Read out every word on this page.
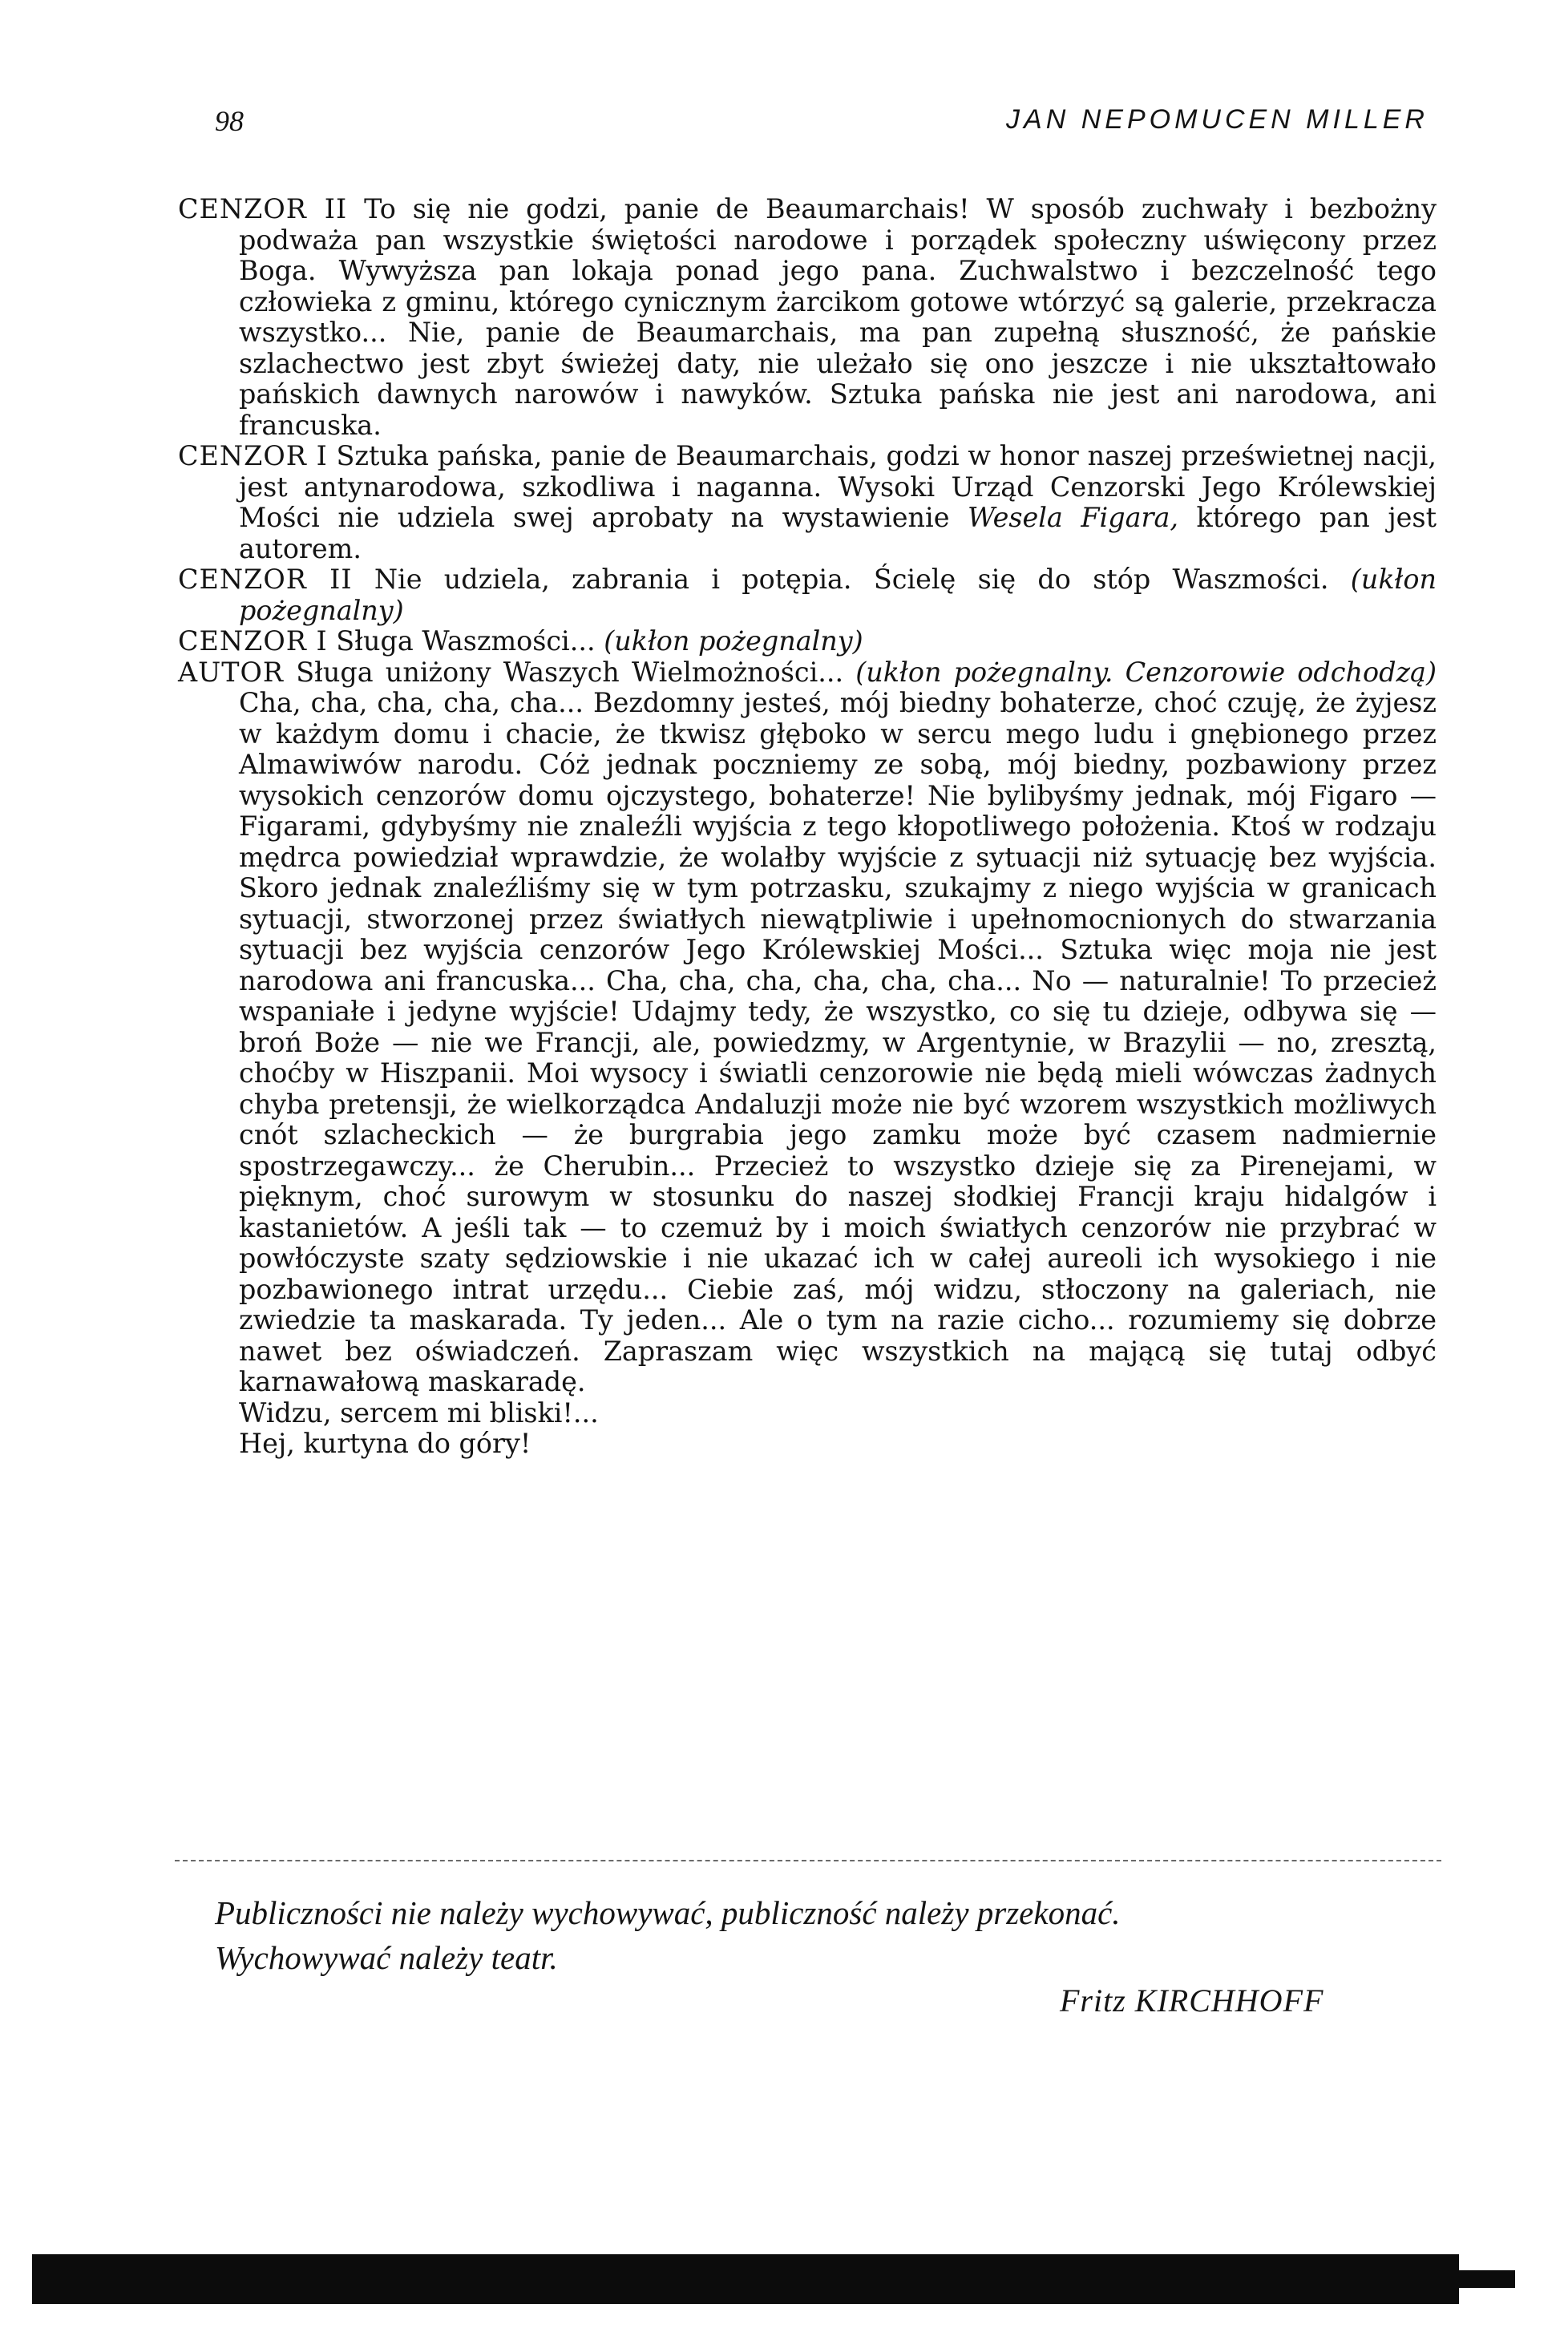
98	JAN NEPOMUCEN MILLER

CENZOR II To się nie godzi, panie de Beaumarchais! W sposób zuchwały i bezbożny podważa pan wszystkie świętości narodowe i porządek społeczny uświęcony przez Boga. Wywyższa pan lokaja ponad jego pana. Zuchwalstwo i bezczelność tego człowieka z gminu, którego cynicznym żarcikom gotowe wtórzyć są galerie, przekracza wszystko... Nie, panie de Beaumarchais, ma pan zupełną słuszność, że pańskie szlachectwo jest zbyt świeżej daty, nie uleżało się ono jeszcze i nie ukształtowało pańskich dawnych narowów i nawyków. Sztuka pańska nie jest ani narodowa, ani francuska.

CENZOR I Sztuka pańska, panie de Beaumarchais, godzi w honor naszej prześwietnej nacji, jest antynarodowa, szkodliwa i naganna. Wysoki Urząd Cenzorski Jego Królewskiej Mości nie udziela swej aprobaty na wystawienie Wesela Figara, którego pan jest autorem.

CENZOR II Nie udziela, zabrania i potępia. Ścielę się do stóp Waszmości. (ukłon pożegnalny)

CENZOR I Sługa Waszmości... (ukłon pożegnalny)

AUTOR Sługa uniżony Waszych Wielmożności... (ukłon pożegnalny. Cenzorowie odchodzą) Cha, cha, cha, cha, cha... Bezdomny jesteś, mój biedny bohaterze, choć czuję, że żyjesz w każdym domu i chacie, że tkwisz głęboko w sercu mego ludu i gnębionego przez Almawiwów narodu. Cóż jednak poczniemy ze sobą, mój biedny, pozbawiony przez wysokich cenzorów domu ojczystego, bohaterze! Nie bylibyśmy jednak, mój Figaro — Figarami, gdybyśmy nie znaleźli wyjścia z tego kłopotliwego położenia. Ktoś w rodzaju mędrca powiedział wprawdzie, że wolałby wyjście z sytuacji niż sytuację bez wyjścia. Skoro jednak znaleźliśmy się w tym potrzasku, szukajmy z niego wyjścia w granicach sytuacji, stworzonej przez światłych niewątpliwie i upełnomocnionych do stwarzania sytuacji bez wyjścia cenzorów Jego Królewskiej Mości... Sztuka więc moja nie jest narodowa ani francuska... Cha, cha, cha, cha, cha, cha... No — naturalnie! To przecież wspaniałe i jedyne wyjście! Udajmy tedy, że wszystko, co się tu dzieje, odbywa się — broń Boże — nie we Francji, ale, powiedzmy, w Argentynie, w Brazylii — no, zresztą, choćby w Hiszpanii. Moi wysocy i światli cenzorowie nie będą mieli wówczas żadnych chyba pretensji, że wielkorządca Andaluzji może nie być wzorem wszystkich możliwych cnót szlacheckich — że burgrabia jego zamku może być czasem nadmiernie spostrzegawczy... że Cherubin... Przecież to wszystko dzieje się za Pirenejami, w pięknym, choć surowym w stosunku do naszej słodkiej Francji kraju hidalgów i kastanietów. A jeśli tak — to czemuż by i moich światłych cenzorów nie przybrać w powłóczyste szaty sędziowskie i nie ukazać ich w całej aureoli ich wysokiego i nie pozbawionego intrat urzędu... Ciebie zaś, mój widzu, stłoczony na galeriach, nie zwiedzie ta maskarada. Ty jeden... Ale o tym na razie cicho... rozumiemy się dobrze nawet bez oświadczeń. Zapraszam więc wszystkich na mającą się tutaj odbyć karnawałową maskaradę.

Widzu, sercem mi bliski!...

Hej, kurtyna do góry!

Publiczności nie należy wychowywać, publiczność należy przekonać.

Wychowywać należy teatr.

Fritz KIRCHHOFF
